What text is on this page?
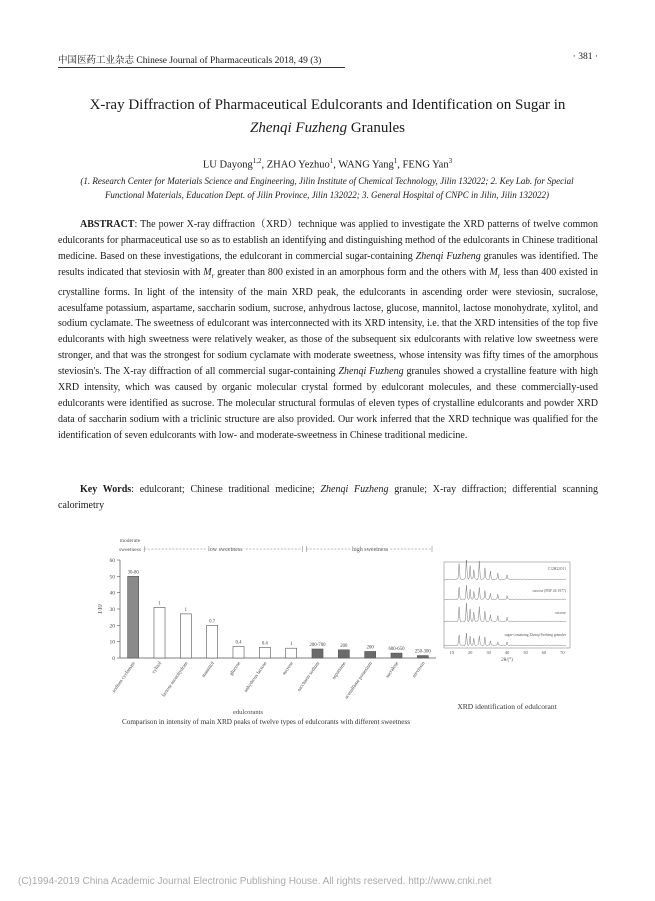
中国医药工业杂志 Chinese Journal of Pharmaceuticals 2018, 49 (3)	· 381 ·
X-ray Diffraction of Pharmaceutical Edulcorants and Identification on Sugar in
Zhenqi Fuzheng Granules
LU Dayong$^{1,2}$, ZHAO Yezhuo$^1$, WANG Yang$^1$, FENG Yan$^3$
(1. Research Center for Materials Science and Engineering, Jilin Institute of Chemical Technology, Jilin 132022; 2. Key Lab. for Special Functional Materials, Education Dept. of Jilin Province, Jilin 132022; 3. General Hospital of CNPC in Jilin, Jilin 132022)

ABSTRACT: The power X-ray diffraction（XRD）technique was applied to investigate the XRD patterns of twelve common edulcorants for pharmaceutical use so as to establish an identifying and distinguishing method of the edulcorants in Chinese traditional medicine. Based on these investigations, the edulcorant in commercial sugar-containing Zhenqi Fuzheng granules was identified. The results indicated that steviosin with $M_r$ greater than 800 existed in an amorphous form and the others with $M_r$ less than 400 existed in crystalline forms. In light of the intensity of the main XRD peak, the edulcorants in ascending order were steviosin, sucralose, acesulfame potassium, aspartame, saccharin sodium, sucrose, anhydrous lactose, glucose, mannitol, lactose monohydrate, xylitol, and sodium cyclamate. The sweetness of edulcorant was interconnected with its XRD intensity, i.e. that the XRD intensities of the top five edulcorants with high sweetness were relatively weaker, as those of the subsequent six edulcorants with relative low sweetness were stronger, and that was the strongest for sodium cyclamate with moderate sweetness, whose intensity was fifty times of the amorphous steviosin's. The X-ray diffraction of all commercial sugar-containing Zhenqi Fuzheng granules showed a crystalline feature with high XRD intensity, which was caused by organic molecular crystal formed by edulcorant molecules, and these commercially-used edulcorants were identified as sucrose. The molecular structural formulas of eleven types of crystalline edulcorants and powder XRD data of saccharin sodium with a triclinic structure are also provided. Our work inferred that the XRD technique was qualified for the identification of seven edulcorants with low- and moderate-sweetness in Chinese traditional medicine.

Key Words: edulcorant; Chinese traditional medicine; Zhenqi Fuzheng granule; X-ray diffraction; differential scanning calorimetry

0
10
20
30
40
50
60
I/I0
30-80
sodium cyclamate
1
xylitol
1
lactose monohydrate
0.7
mannitol
0.4
glucose
0.4
anhydrous lactose
1
sucrose
200-700
saccharin sodium
200
aspartame
200
acesulfame potassium
600-650
sucralose
250-300
steviosin
edulcorants
moderate
sweetness	low sweetness	high sweetness
Comparison in intensity of main XRD peaks of twelve types of edulcorants with different sweetness
C12H22O11
sucrose (PDF 24-1977)
sucrose
sugar-containing Zhenqi Fuzheng granules
10	20	30	40	50	60	70
2θ/(°)
XRD identification of edulcorant
(C)1994-2019 China Academic Journal Electronic Publishing House. All rights reserved. http://www.cnki.net
